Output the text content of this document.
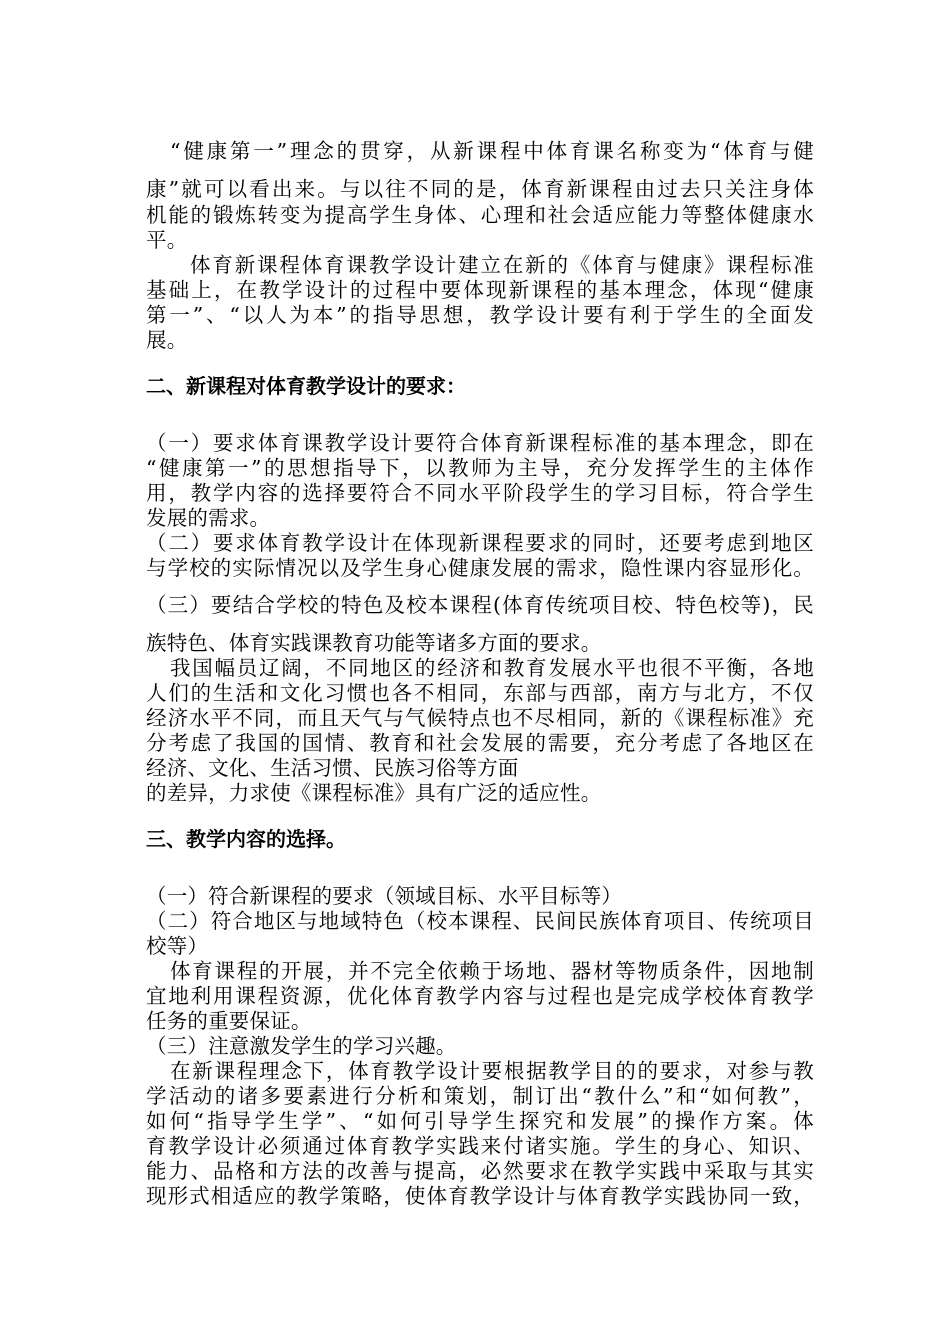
“健康第一”理念的贯穿，从新课程中体育课名称变为“体育与健
康”就可以看出来。与以往不同的是，体育新课程由过去只关注身体
机能的锻炼转变为提高学生身体、心理和社会适应能力等整体健康水
平。
体育新课程体育课教学设计建立在新的《体育与健康》课程标准
基础上，在教学设计的过程中要体现新课程的基本理念，体现“健康
第一”、“以人为本”的指导思想，教学设计要有利于学生的全面发
展。
二、新课程对体育教学设计的要求：
（一）要求体育课教学设计要符合体育新课程标准的基本理念，即在
“健康第一”的思想指导下，以教师为主导，充分发挥学生的主体作
用，教学内容的选择要符合不同水平阶段学生的学习目标，符合学生
发展的需求。
（二）要求体育教学设计在体现新课程要求的同时，还要考虑到地区
与学校的实际情况以及学生身心健康发展的需求，隐性课内容显形化。
（三）要结合学校的特色及校本课程(体育传统项目校、特色校等)，民
族特色、体育实践课教育功能等诸多方面的要求。
我国幅员辽阔，不同地区的经济和教育发展水平也很不平衡，各地
人们的生活和文化习惯也各不相同，东部与西部，南方与北方，不仅
经济水平不同，而且天气与气候特点也不尽相同，新的《课程标准》充
分考虑了我国的国情、教育和社会发展的需要，充分考虑了各地区在
经济、文化、生活习惯、民族习俗等方面
的差异，力求使《课程标准》具有广泛的适应性。
三、教学内容的选择。
（一）符合新课程的要求（领域目标、水平目标等）
（二）符合地区与地域特色（校本课程、民间民族体育项目、传统项目
校等）
体育课程的开展，并不完全依赖于场地、器材等物质条件，因地制
宜地利用课程资源，优化体育教学内容与过程也是完成学校体育教学
任务的重要保证。
（三）注意激发学生的学习兴趣。
在新课程理念下，体育教学设计要根据教学目的的要求，对参与教
学活动的诸多要素进行分析和策划，制订出“教什么”和“如何教”，
如何“指导学生学”、“如何引导学生探究和发展”的操作方案。体
育教学设计必须通过体育教学实践来付诸实施。学生的身心、知识、
能力、品格和方法的改善与提高，必然要求在教学实践中采取与其实
现形式相适应的教学策略，使体育教学设计与体育教学实践协同一致，
